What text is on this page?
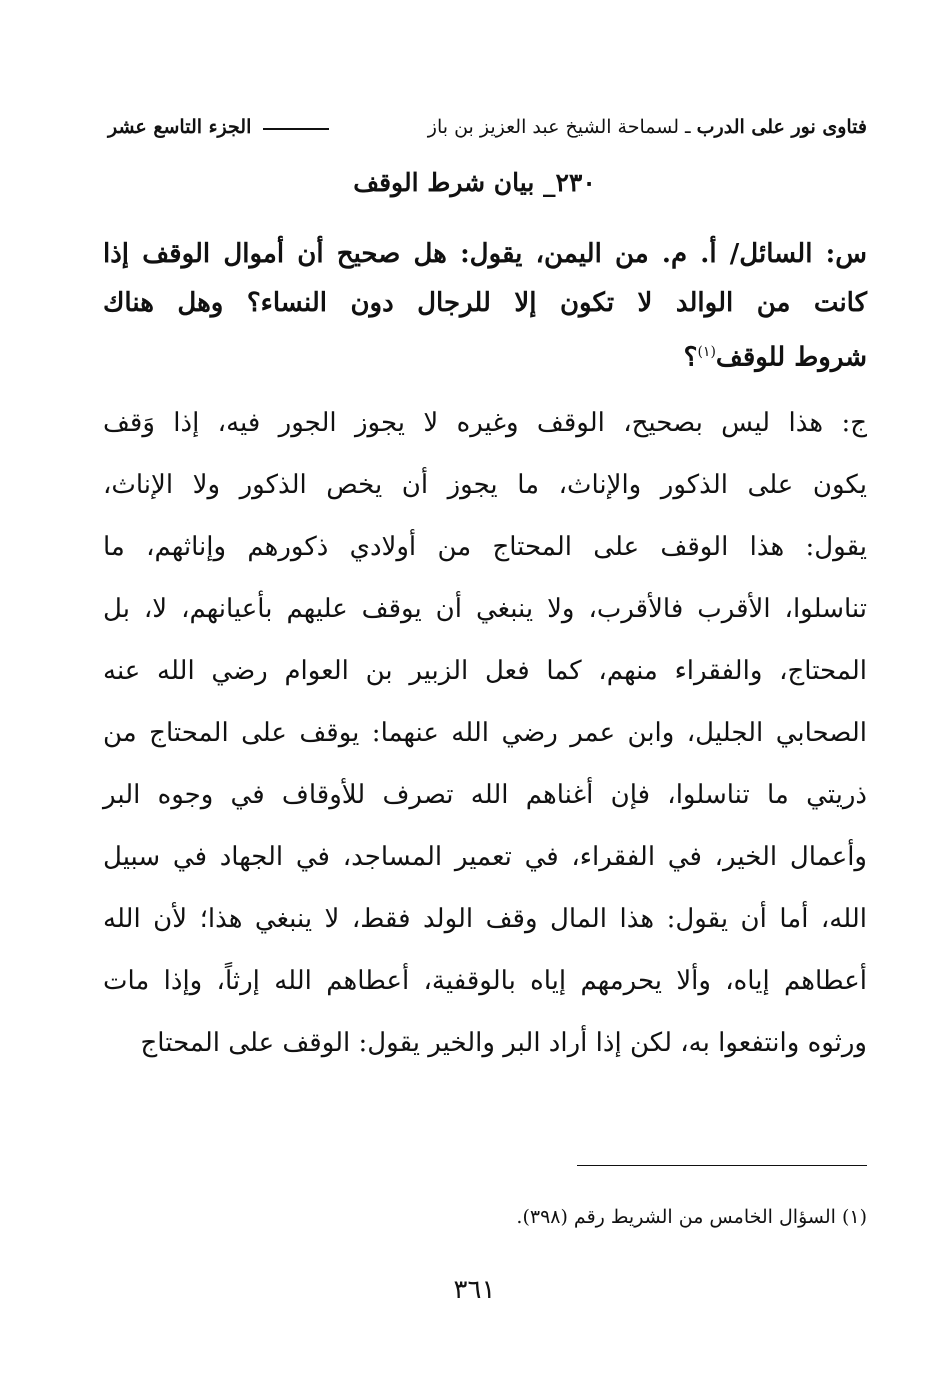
فتاوى نور على الدرب ـ لسماحة الشيخ عبد العزيز بن باز
الجزء التاسع عشر
٢٣٠_ بيان شرط الوقف
س: السائل/ أ. م. من اليمن، يقول: هل صحيح أن أموال الوقف إذا
كانت من الوالد لا تكون إلا للرجال دون النساء؟ وهل هناك
شروط للوقف$^{(١)}$؟
ج: هذا ليس بصحيح، الوقف وغيره لا يجوز الجور فيه، إذا وَقف
يكون على الذكور والإناث، ما يجوز أن يخص الذكور ولا الإناث،
يقول: هذا الوقف على المحتاج من أولادي ذكورهم وإناثهم، ما
تناسلوا، الأقرب فالأقرب، ولا ينبغي أن يوقف عليهم بأعيانهم، لا، بل
المحتاج، والفقراء منهم، كما فعل الزبير بن العوام رضي الله عنه
الصحابي الجليل، وابن عمر رضي الله عنهما: يوقف على المحتاج من
ذريتي ما تناسلوا، فإن أغناهم الله تصرف للأوقاف في وجوه البر
وأعمال الخير، في الفقراء، في تعمير المساجد، في الجهاد في سبيل
الله، أما أن يقول: هذا المال وقف الولد فقط، لا ينبغي هذا؛ لأن الله
أعطاهم إياه، وألا يحرمهم إياه بالوقفية، أعطاهم الله إرثاً، وإذا مات
ورثوه وانتفعوا به، لكن إذا أراد البر والخير يقول: الوقف على المحتاج
(١) السؤال الخامس من الشريط رقم (٣٩٨).
٣٦١
